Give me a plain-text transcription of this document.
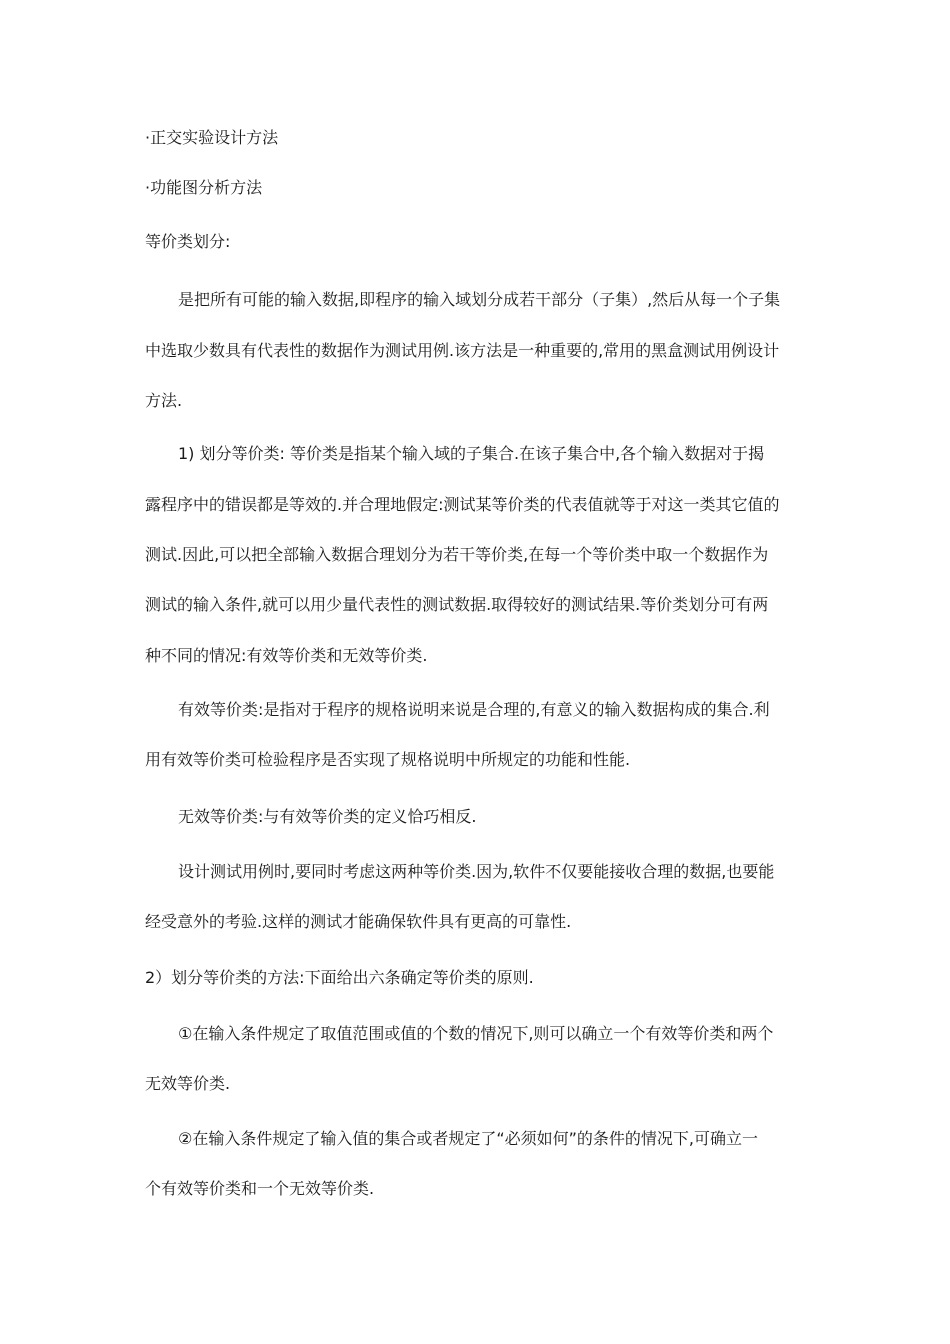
·正交实验设计方法

·功能图分析方法

等价类划分:

是把所有可能的输入数据,即程序的输入域划分成若干部分（子集）,然后从每一个子集

中选取少数具有代表性的数据作为测试用例.该方法是一种重要的,常用的黑盒测试用例设计

方法.

1) 划分等价类: 等价类是指某个输入域的子集合.在该子集合中,各个输入数据对于揭

露程序中的错误都是等效的.并合理地假定:测试某等价类的代表值就等于对这一类其它值的

测试.因此,可以把全部输入数据合理划分为若干等价类,在每一个等价类中取一个数据作为

测试的输入条件,就可以用少量代表性的测试数据.取得较好的测试结果.等价类划分可有两

种不同的情况:有效等价类和无效等价类.

有效等价类:是指对于程序的规格说明来说是合理的,有意义的输入数据构成的集合.利

用有效等价类可检验程序是否实现了规格说明中所规定的功能和性能.

无效等价类:与有效等价类的定义恰巧相反.

设计测试用例时,要同时考虑这两种等价类.因为,软件不仅要能接收合理的数据,也要能

经受意外的考验.这样的测试才能确保软件具有更高的可靠性.

2）划分等价类的方法:下面给出六条确定等价类的原则.

①在输入条件规定了取值范围或值的个数的情况下,则可以确立一个有效等价类和两个

无效等价类.

②在输入条件规定了输入值的集合或者规定了“必须如何”的条件的情况下,可确立一

个有效等价类和一个无效等价类.
